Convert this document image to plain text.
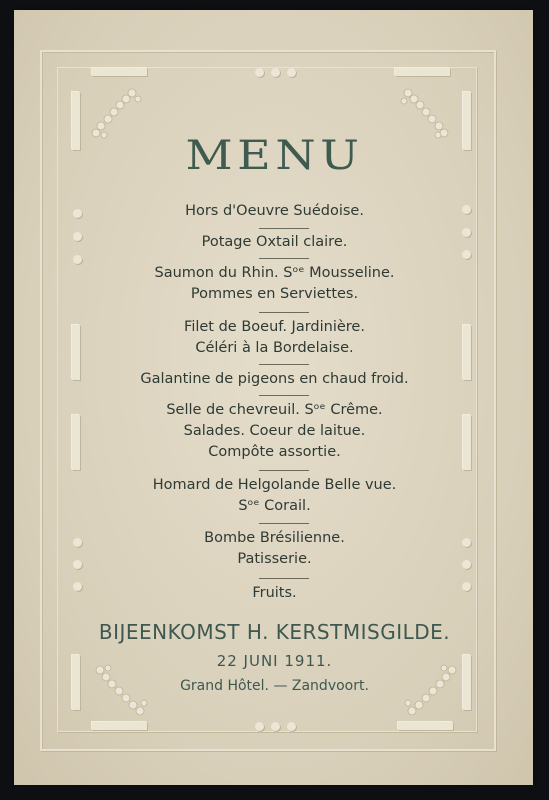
MENU
Hors d'Oeuvre Suédoise.
Potage Oxtail claire.
Saumon du Rhin. Sᵒᵉ Mousseline.
Pommes en Serviettes.
Filet de Boeuf. Jardinière.
Céléri à la Bordelaise.
Galantine de pigeons en chaud froid.
Selle de chevreuil. Sᵒᵉ Crême.
Salades. Coeur de laitue.
Compôte assortie.
Homard de Helgolande Belle vue.
Sᵒᵉ Corail.
Bombe Brésilienne.
Patisserie.
Fruits.
BIJEENKOMST H. KERSTMISGILDE.
22 JUNI 1911.
Grand Hôtel. — Zandvoort.
